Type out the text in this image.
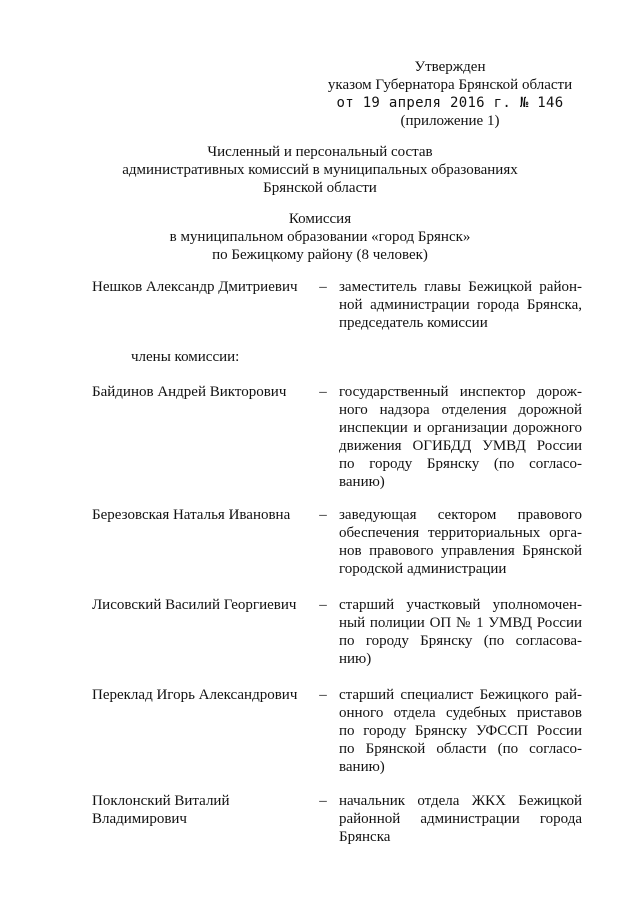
Утвержден
указом Губернатора Брянской области
от 19 апреля 2016 г. № 146
(приложение 1)
Численный и персональный состав
административных комиссий в муниципальных образованиях
Брянской области
Комиссия
в муниципальном образовании «город Брянск»
по Бежицкому району (8 человек)
Нешков Александр Дмитриевич	– заместитель главы Бежицкой район-
ной администрации города Брянска,
председатель комиссии
члены комиссии:
Байдинов Андрей Викторович	– государственный инспектор дорож-
ного надзора отделения дорожной
инспекции и организации дорожного
движения ОГИБДД УМВД России
по городу Брянску (по согласо-
ванию)
Березовская Наталья Ивановна	– заведующая сектором правового
обеспечения территориальных орга-
нов правового управления Брянской
городской администрации
Лисовский Василий Георгиевич	– старший участковый уполномочен-
ный полиции ОП № 1 УМВД России
по городу Брянску (по согласова-
нию)
Переклад Игорь Александрович	– старший специалист Бежицкого рай-
онного отдела судебных приставов
по городу Брянску УФССП России
по Брянской области (по согласо-
ванию)
Поклонский Виталий
Владимирович
– начальник отдела ЖКХ Бежицкой
районной администрации города
Брянска
